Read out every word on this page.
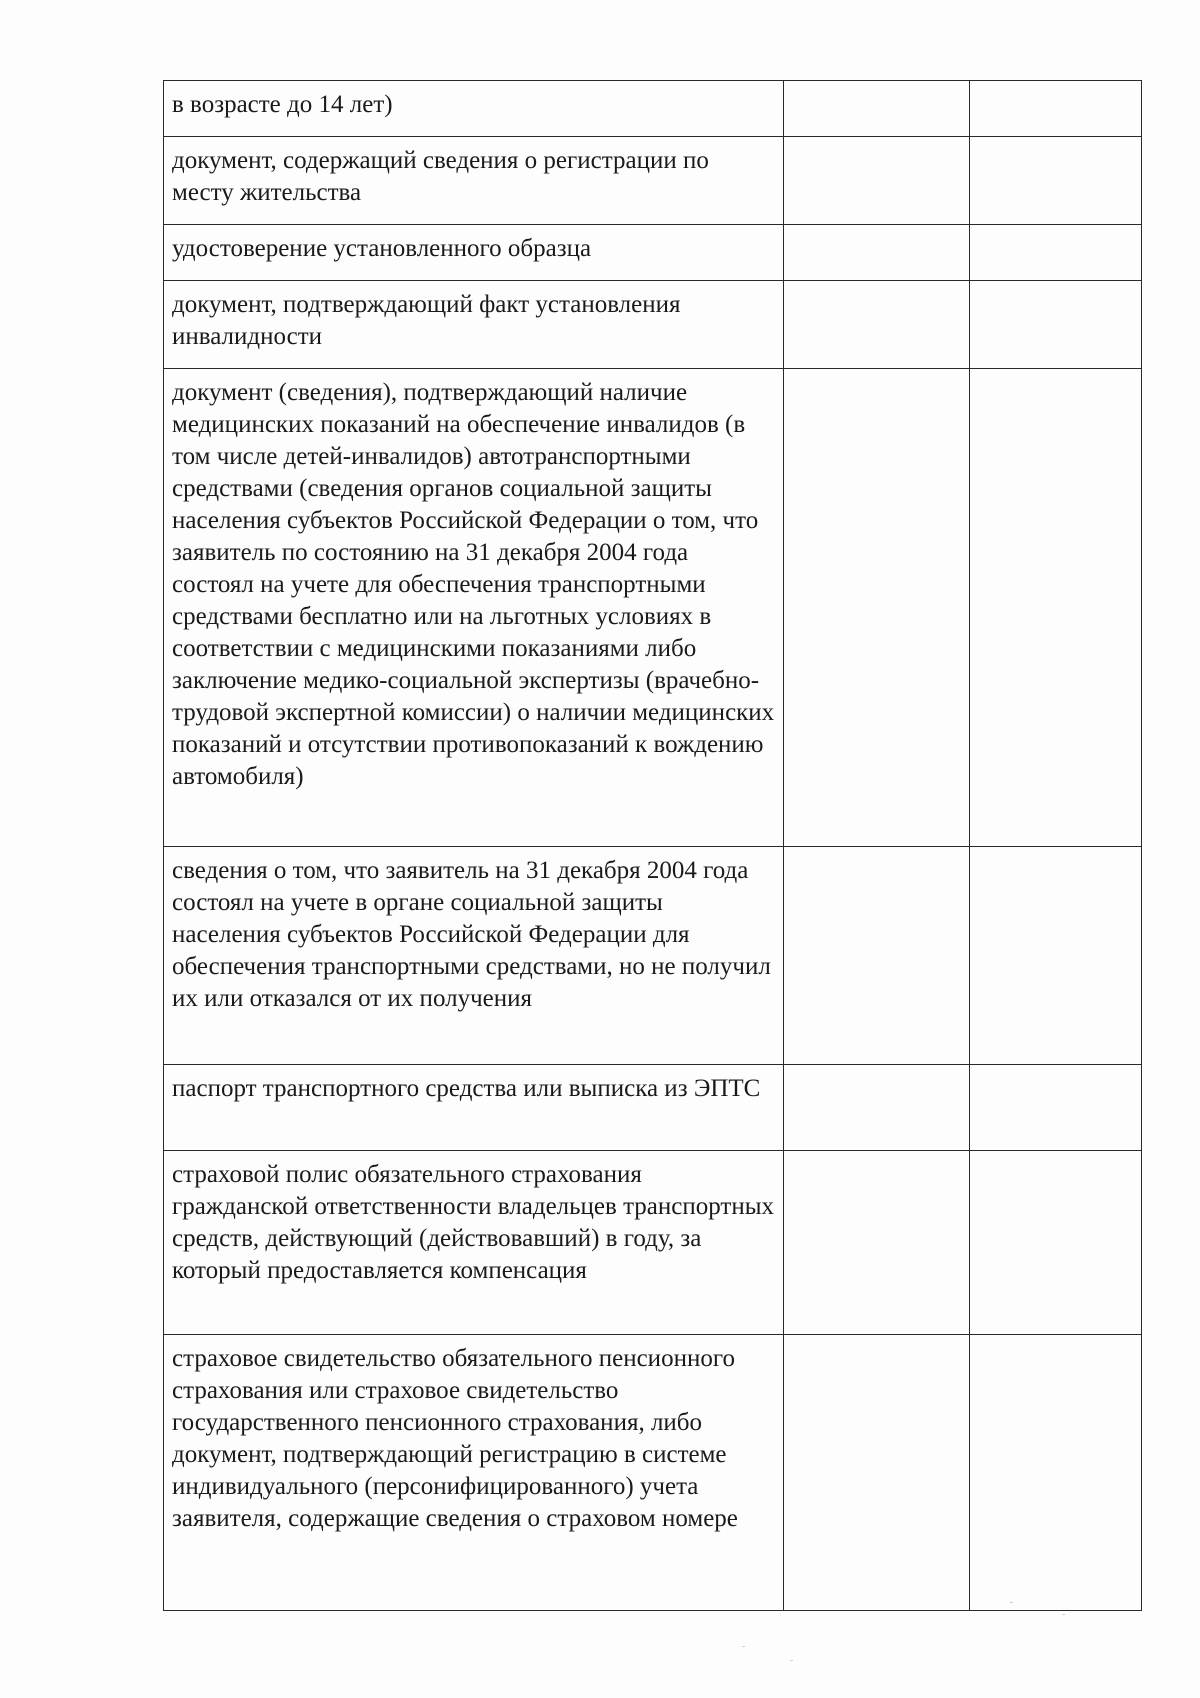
в возрасте до 14 лет)		
документ, содержащий сведения о регистрации по месту жительства		
удостоверение установленного образца		
документ, подтверждающий факт установления инвалидности		
документ (сведения), подтверждающий наличие медицинских показаний на обеспечение инвалидов (в том числе детей-инвалидов) автотранспортными средствами (сведения органов социальной защиты населения субъектов Российской Федерации о том, что заявитель по состоянию на 31 декабря 2004 года состоял на учете для обеспечения транспортными средствами бесплатно или на льготных условиях в соответствии с медицинскими показаниями либо заключение медико-социальной экспертизы (врачебно-трудовой экспертной комиссии) о наличии медицинских показаний и отсутствии противопоказаний к вождению автомобиля)		
сведения о том, что заявитель на 31 декабря 2004 года состоял на учете в органе социальной защиты населения субъектов Российской Федерации для обеспечения транспортными средствами, но не получил их или отказался от их получения		
паспорт транспортного средства или выписка из ЭПТС		
страховой полис обязательного страхования гражданской ответственности владельцев транспортных средств, действующий (действовавший) в году, за который предоставляется компенсация		
страховое свидетельство обязательного пенсионного страхования или страховое свидетельство государственного пенсионного страхования, либо документ, подтверждающий регистрацию в системе индивидуального (персонифицированного) учета заявителя, содержащие сведения о страховом номере		
